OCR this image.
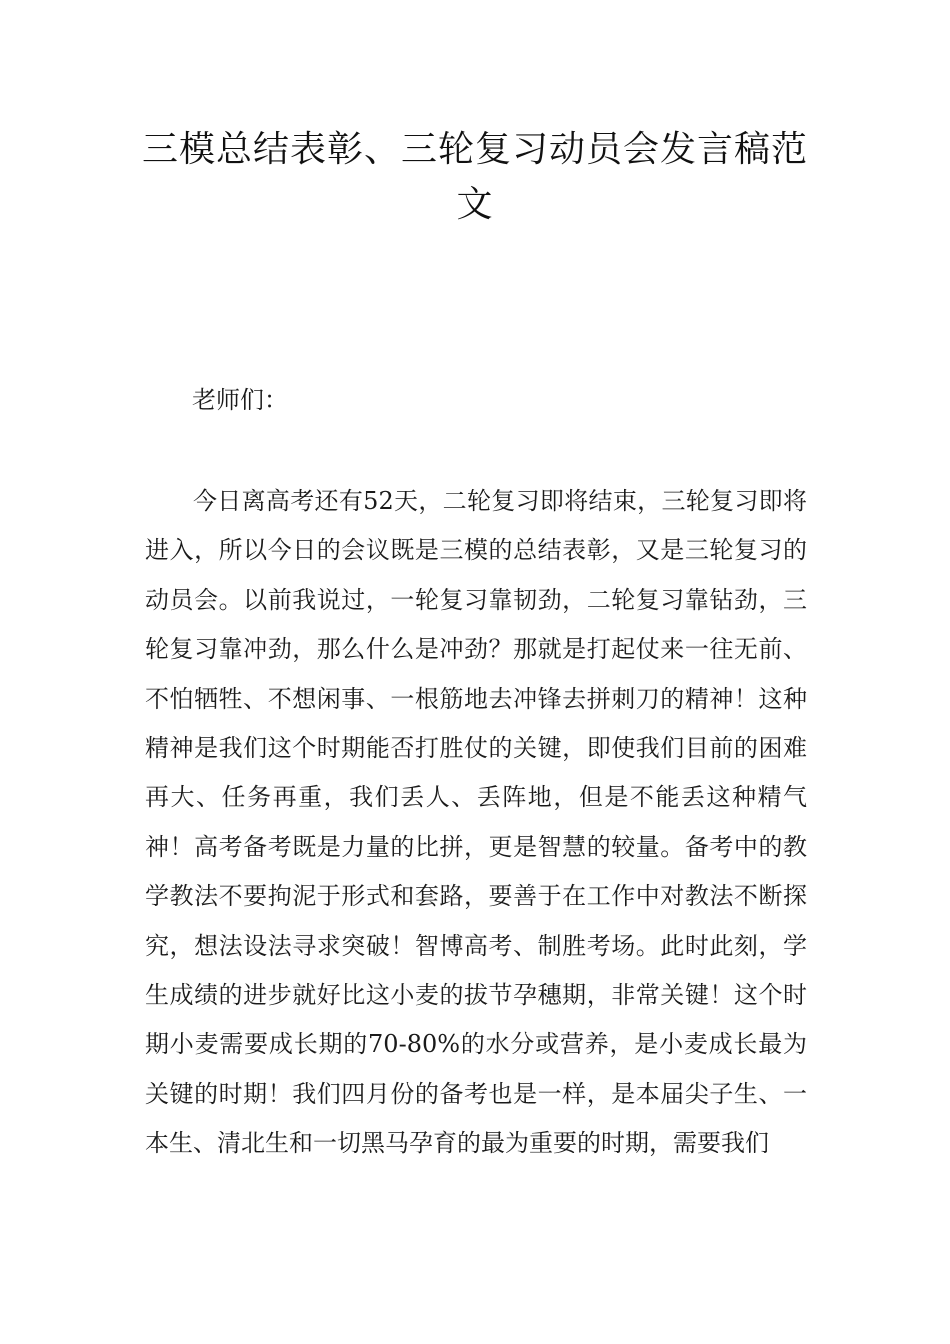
三模总结表彰、三轮复习动员会发言稿范文

老师们：

今日离高考还有52天，二轮复习即将结束，三轮复习即将进入，所以今日的会议既是三模的总结表彰，又是三轮复习的动员会。以前我说过，一轮复习靠韧劲，二轮复习靠钻劲，三轮复习靠冲劲，那么什么是冲劲？那就是打起仗来一往无前、不怕牺牲、不想闲事、一根筋地去冲锋去拼刺刀的精神！这种精神是我们这个时期能否打胜仗的关键，即使我们目前的困难再大、任务再重，我们丢人、丢阵地，但是不能丢这种精气神！高考备考既是力量的比拼，更是智慧的较量。备考中的教学教法不要拘泥于形式和套路，要善于在工作中对教法不断探究，想法设法寻求突破！智博高考、制胜考场。此时此刻，学生成绩的进步就好比这小麦的拔节孕穗期，非常关键！这个时期小麦需要成长期的70-80%的水分或营养，是小麦成长最为关键的时期！我们四月份的备考也是一样，是本届尖子生、一本生、清北生和一切黑马孕育的最为重要的时期，需要我们
